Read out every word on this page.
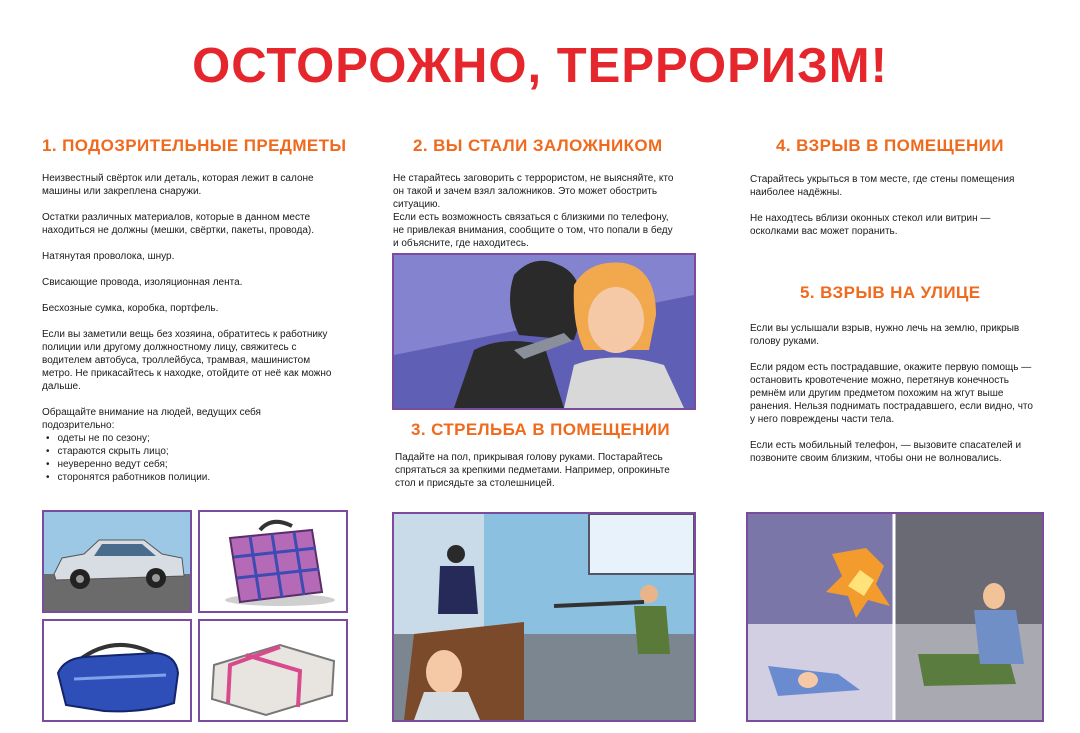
ОСТОРОЖНО, ТЕРРОРИЗМ!
1. ПОДОЗРИТЕЛЬНЫЕ ПРЕДМЕТЫ
Неизвестный свёрток или деталь, которая лежит в салоне машины или закреплена снаружи.
Остатки различных материалов, которые в данном месте находиться не должны (мешки, свёртки, пакеты, провода).
Натянутая проволока, шнур.
Свисающие провода, изоляционная лента.
Бесхозные сумка, коробка, портфель.
Если вы заметили вещь без хозяина, обратитесь к работнику полиции или другому должностному лицу, свяжитесь с водителем автобуса, троллейбуса, трамвая, машинистом метро. Не прикасайтесь к находке, отойдите от неё как можно дальше.
Обращайте внимание на людей, ведущих себя подозрительно:
• одеты не по сезону;
• стараются скрыть лицо;
• неуверенно ведут себя;
• сторонятся работников полиции.
2. ВЫ СТАЛИ ЗАЛОЖНИКОМ
Не старайтесь заговорить с террористом, не выясняйте, кто он такой и зачем взял заложников. Это может обострить ситуацию.
Если есть возможность связаться с близкими по телефону, не привлекая внимания, сообщите о том, что попали в беду и объясните, где находитесь.
3. СТРЕЛЬБА В ПОМЕЩЕНИИ
Падайте на пол, прикрывая голову руками. Постарайтесь спрятаться за крепкими педметами. Например, опрокиньте стол и присядьте за столешницей.
4. ВЗРЫВ В ПОМЕЩЕНИИ
Старайтесь укрыться в том месте, где стены помещения наиболее надёжны.
Не находтесь вблизи оконных стекол или витрин — осколками вас может поранить.
5. ВЗРЫВ НА УЛИЦЕ
Если вы услышали взрыв, нужно лечь на землю, прикрыв голову руками.
Если рядом есть пострадавшие, окажите первую помощь — остановить кровотечение можно, перетянув конечность ремнём или другим предметом похожим на жгут выше ранения. Нельзя поднимать пострадавшего, если видно, что у него повреждены части тела.
Если есть мобильный телефон, — вызовите спасателей и позвоните своим близким, чтобы они не волновались.
